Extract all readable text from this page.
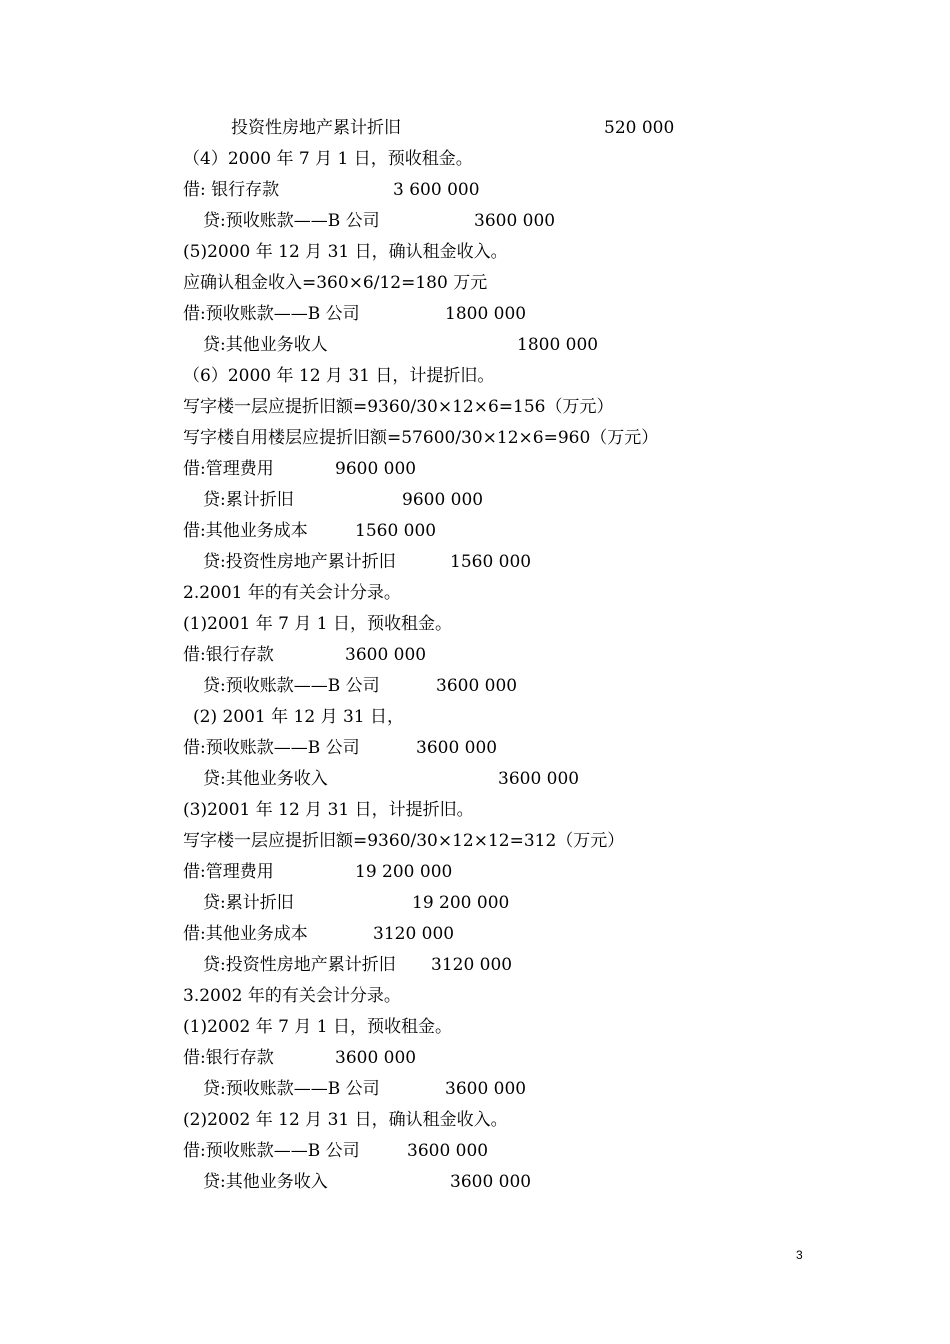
投资性房地产累计折旧	520 000
（4）2000 年 7 月 1 日，预收租金。
借: 银行存款	3 600 000
贷:预收账款——B 公司	3600 000
(5)2000 年 12 月 31 日，确认租金收入。
应确认租金收入=360×6/12=180 万元
借:预收账款——B 公司	1800 000
贷:其他业务收人	1800 000
（6）2000 年 12 月 31 日，计提折旧。
写字楼一层应提折旧额=9360/30×12×6=156（万元）
写字楼自用楼层应提折旧额=57600/30×12×6=960（万元）
借:管理费用	9600 000
贷:累计折旧	9600 000
借:其他业务成本	1560 000
贷:投资性房地产累计折旧	1560 000
2.2001 年的有关会计分录。
(1)2001 年 7 月 1 日，预收租金。
借:银行存款	3600 000
贷:预收账款——B 公司	3600 000
(2) 2001 年 12 月 31 日，
借:预收账款——B 公司	3600 000
贷:其他业务收入	3600 000
(3)2001 年 12 月 31 日，计提折旧。
写字楼一层应提折旧额=9360/30×12×12=312（万元）
借:管理费用	19 200 000
贷:累计折旧	19 200 000
借:其他业务成本	3120 000
贷:投资性房地产累计折旧 3120 000
3.2002 年的有关会计分录。
(1)2002 年 7 月 1 日，预收租金。
借:银行存款	3600 000
贷:预收账款——B 公司	3600 000
(2)2002 年 12 月 31 日，确认租金收入。
借:预收账款——B 公司	3600 000
贷:其他业务收入	3600 000
3
